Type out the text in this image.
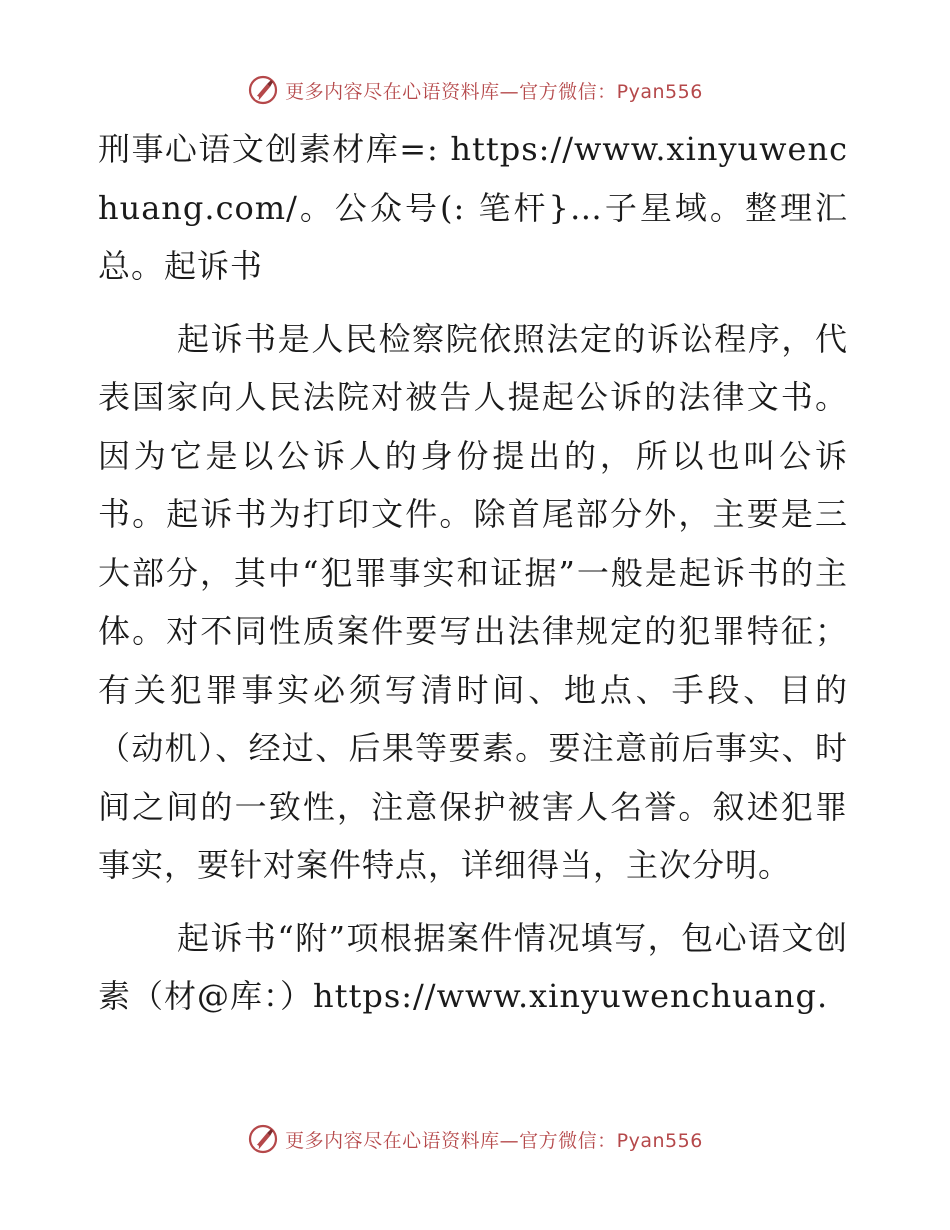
更多内容尽在心语资料库—官方微信：Pyan556

刑事心语文创素材库=: https://www.xinyuwenchuang.com/。公众号(: 笔杆}…子星域。整理汇总。起诉书

起诉书是人民检察院依照法定的诉讼程序，代表国家向人民法院对被告人提起公诉的法律文书。因为它是以公诉人的身份提出的，所以也叫公诉书。起诉书为打印文件。除首尾部分外，主要是三大部分，其中“犯罪事实和证据”一般是起诉书的主体。对不同性质案件要写出法律规定的犯罪特征；有关犯罪事实必须写清时间、地点、手段、目的（动机）、经过、后果等要素。要注意前后事实、时间之间的一致性，注意保护被害人名誉。叙述犯罪事实，要针对案件特点，详细得当，主次分明。

起诉书“附”项根据案件情况填写，包心语文创素（材@库：）https://www.xinyuwenchuang.

更多内容尽在心语资料库—官方微信：Pyan556
